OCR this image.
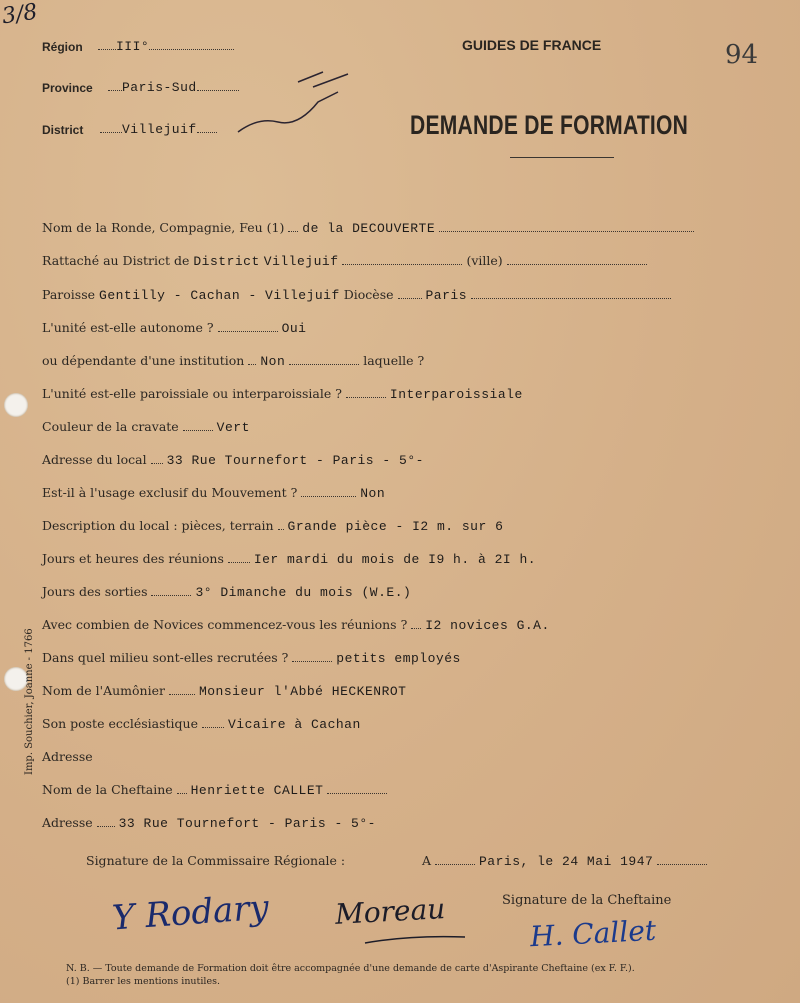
3/8
Région	III°
Province	Paris-Sud
District	Villejuif
GUIDES DE FRANCE	94
DEMANDE DE FORMATION
Nom de la Ronde, Compagnie, Feu (1) de la DECOUVERTE
Rattaché au District de District Villejuif	(ville)
Paroisse Gentilly - Cachan - Villejuif Diocèse Paris
L'unité est-elle autonome ?	Oui
ou dépendante d'une institution Non	laquelle ?
L'unité est-elle paroissiale ou interparoissiale ?	Interparoissiale
Couleur de la cravate	Vert
Adresse du local 33 Rue Tournefort - Paris - 5°-
Est-il à l'usage exclusif du Mouvement ?	Non
Description du local : pièces, terrain Grande pièce - I2 m. sur 6
Jours et heures des réunions Ier mardi du mois de I9 h. à 2I h.
Jours des sorties	3° Dimanche du mois (W.E.)
Avec combien de Novices commencez-vous les réunions ? I2 novices G.A.
Dans quel milieu sont-elles recrutées ?	petits employés
Nom de l'Aumônier	Monsieur l'Abbé HECKENROT
Son poste ecclésiastique Vicaire à Cachan
Adresse
Nom de la Cheftaine Henriette CALLET
Adresse 33 Rue Tournefort - Paris - 5°-
Signature de la Commissaire Régionale :	A	Paris, le 24 Mai 1947
Signature de la Cheftaine
Y Rodary Moreau
H. Callet
N. B. — Toute demande de Formation doit être accompagnée d'une demande de carte d'Aspirante Cheftaine (ex F. F.).
(1) Barrer les mentions inutiles.
Imp. Souchier, Joanne - 1766
